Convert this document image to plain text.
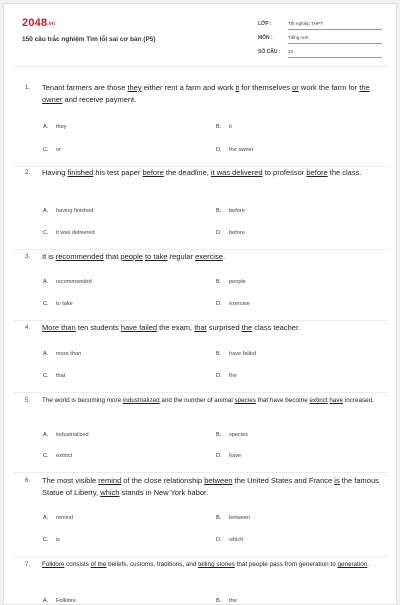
$2048_{.vn}$
150 câu trắc nghiệm Tìm lỗi sai cơ bản (P5)
LỚP :	Tốt nghiệp THPT
MÔN :	Tiếng Anh
SỐ CÂU : 20
1. Tenant farmers are those they either rent a farm and work it for themselves or work the farm for the owner and receive payment.
A. they	B. it
C. or	D. the owner
2. Having finished his test paper before the deadline, it was delivered to professor before the class.
A. having finished	B. before
C. it was delivered	D. before
3. It is recommended that people to take regular exercise.
A. recommended	B. people
C. to take	D. exercise
4. More than ten students have failed the exam, that surprised the class teacher.
A. more than	B. have failed
C. that	D. the
5. The world is becoming more industrialized and the number of animal species that have become extinct have increased.
A. industrialized	B. species
C. extinct	D. have
6. The most visible remind of the close relationship between the United States and France is the famous Statue of Liberty, which stands in New York habor.
A. remind	B. between
C. is	D. which
7. Folklore consists of the beliefs, customs, traditions, and telling stories that people pass from generation to generation.
A. Folklore	B. the
